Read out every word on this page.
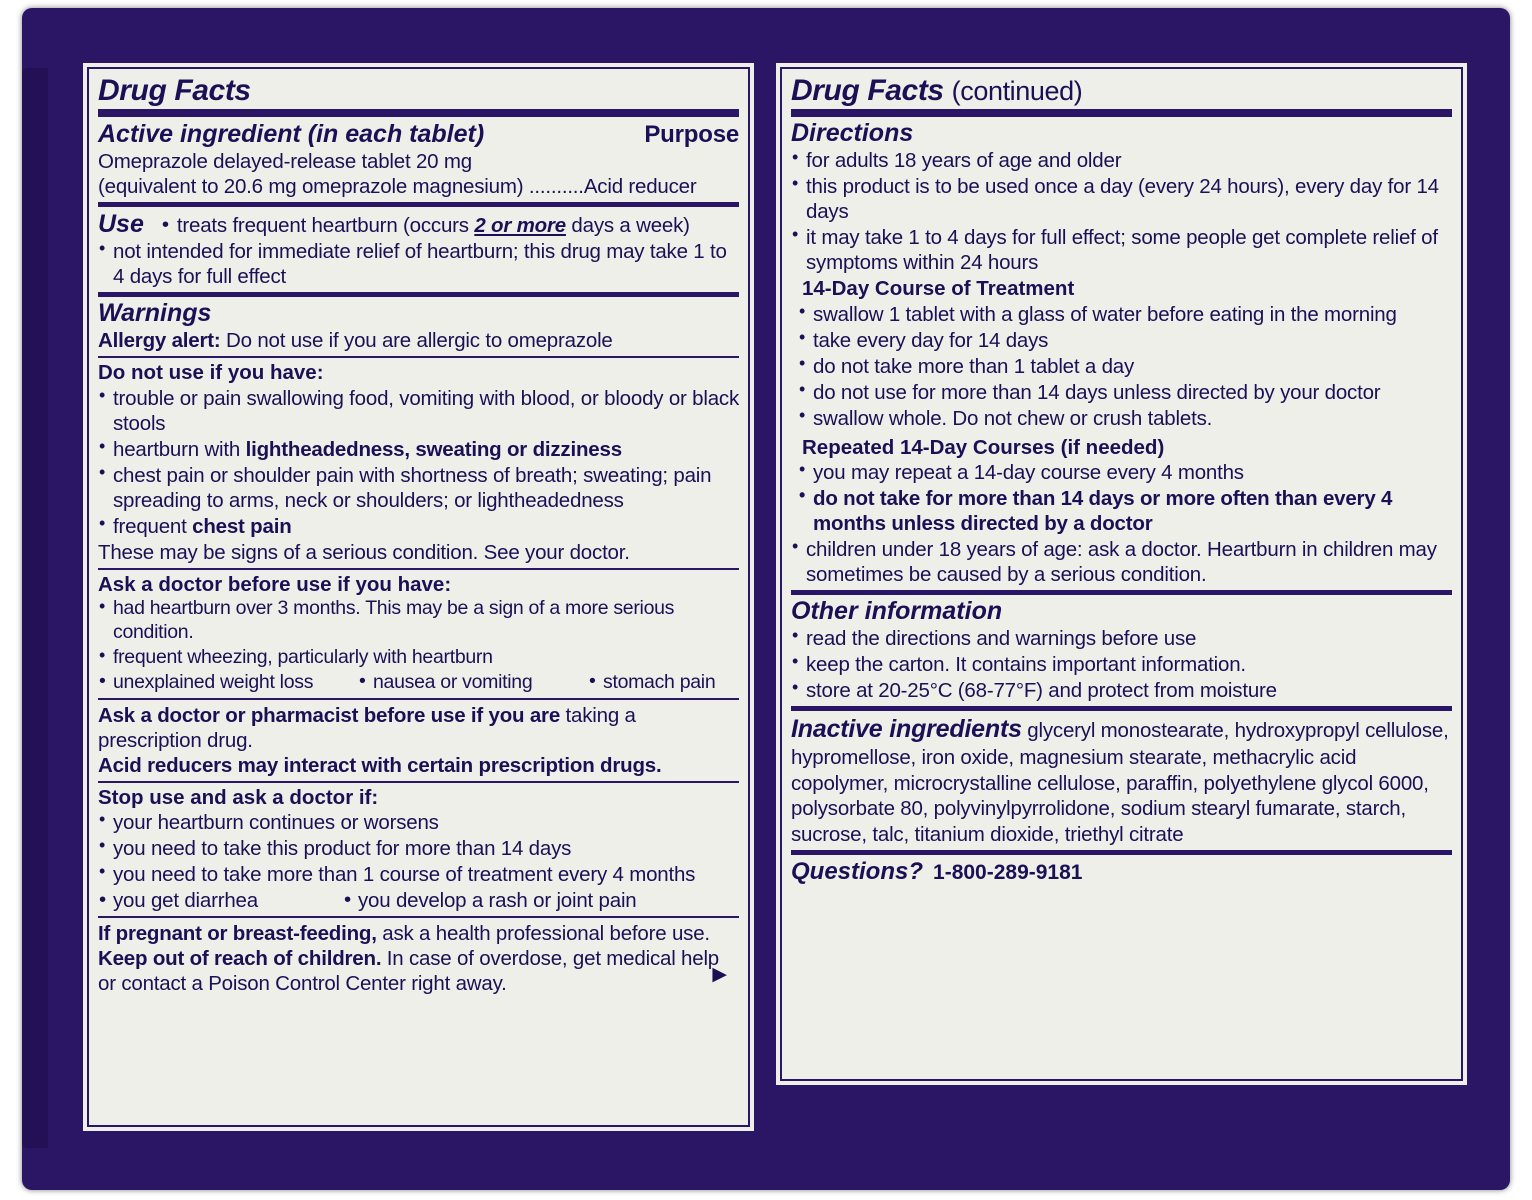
Drug Facts
Active ingredient (in each tablet)	Purpose
Omeprazole delayed-release tablet 20 mg
(equivalent to 20.6 mg omeprazole magnesium) ..........Acid reducer
Use • treats frequent heartburn (occurs 2 or more days a week)
• not intended for immediate relief of heartburn; this drug may take 1 to 4 days for full effect
Warnings
Allergy alert: Do not use if you are allergic to omeprazole
Do not use if you have:
• trouble or pain swallowing food, vomiting with blood, or bloody or black stools
• heartburn with lightheadedness, sweating or dizziness
• chest pain or shoulder pain with shortness of breath; sweating; pain spreading to arms, neck or shoulders; or lightheadedness
• frequent chest pain
These may be signs of a serious condition. See your doctor.
Ask a doctor before use if you have:
• had heartburn over 3 months. This may be a sign of a more serious condition.
• frequent wheezing, particularly with heartburn
• unexplained weight loss	• nausea or vomiting	• stomach pain
Ask a doctor or pharmacist before use if you are taking a prescription drug.
Acid reducers may interact with certain prescription drugs.
Stop use and ask a doctor if:
• your heartburn continues or worsens
• you need to take this product for more than 14 days
• you need to take more than 1 course of treatment every 4 months
• you get diarrhea	• you develop a rash or joint pain
If pregnant or breast-feeding, ask a health professional before use.
Keep out of reach of children. In case of overdose, get medical help or contact a Poison Control Center right away.	▶
Drug Facts (continued)
Directions
• for adults 18 years of age and older
• this product is to be used once a day (every 24 hours), every day for 14 days
• it may take 1 to 4 days for full effect; some people get complete relief of symptoms within 24 hours
14-Day Course of Treatment
• swallow 1 tablet with a glass of water before eating in the morning
• take every day for 14 days
• do not take more than 1 tablet a day
• do not use for more than 14 days unless directed by your doctor
• swallow whole. Do not chew or crush tablets.
Repeated 14-Day Courses (if needed)
• you may repeat a 14-day course every 4 months
• do not take for more than 14 days or more often than every 4 months unless directed by a doctor
• children under 18 years of age: ask a doctor. Heartburn in children may sometimes be caused by a serious condition.
Other information
• read the directions and warnings before use
• keep the carton. It contains important information.
• store at 20-25°C (68-77°F) and protect from moisture
Inactive ingredients glyceryl monostearate, hydroxypropyl cellulose, hypromellose, iron oxide, magnesium stearate, methacrylic acid copolymer, microcrystalline cellulose, paraffin, polyethylene glycol 6000, polysorbate 80, polyvinylpyrrolidone, sodium stearyl fumarate, starch, sucrose, talc, titanium dioxide, triethyl citrate
Questions? 1-800-289-9181
